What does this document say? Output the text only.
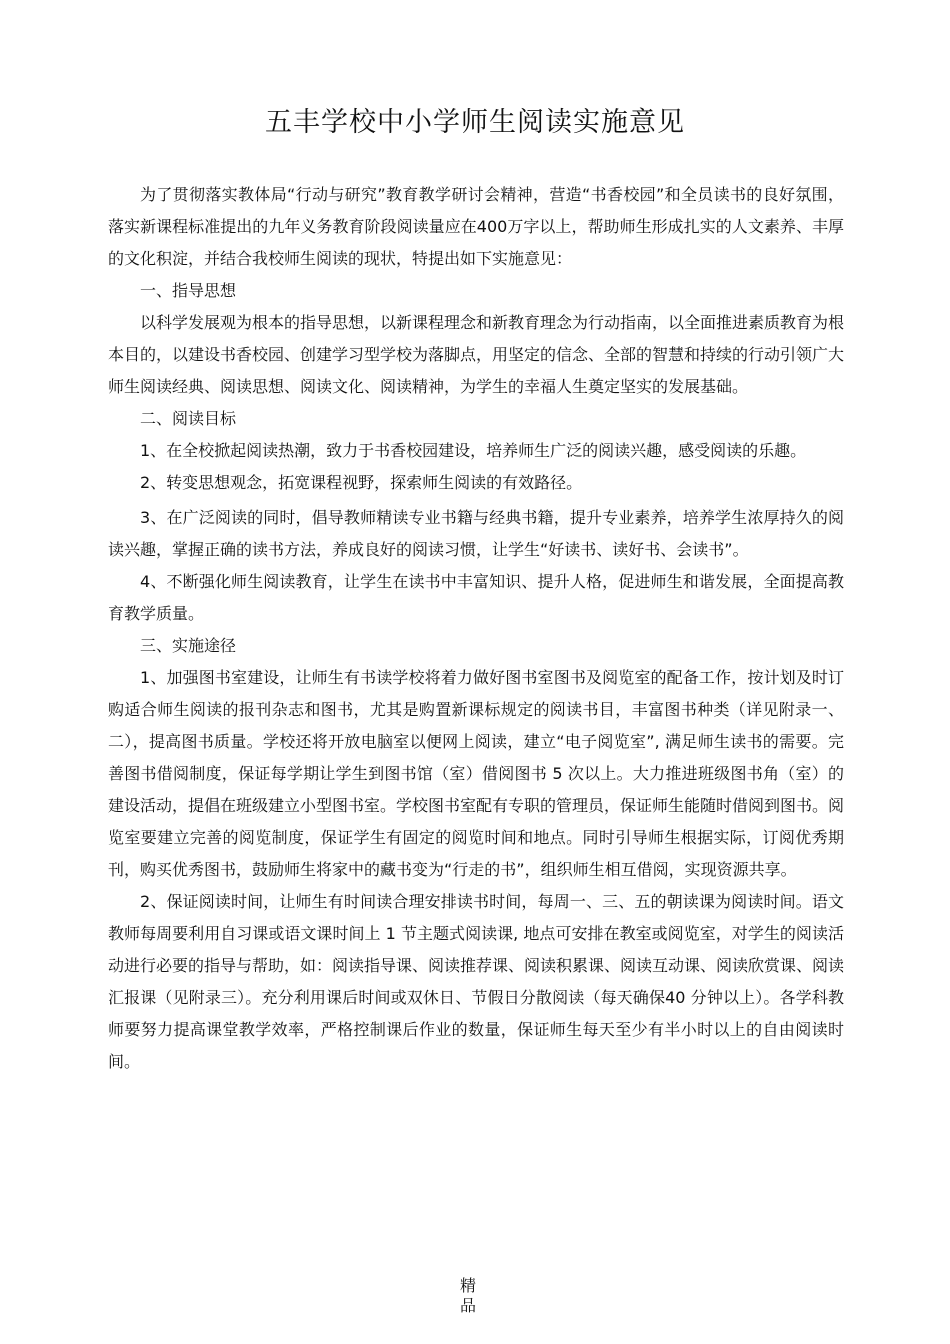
五丰学校中小学师生阅读实施意见

为了贯彻落实教体局“行动与研究”教育教学研讨会精神，营造“书香校园”和全员读书的良好氛围，落实新课程标准提出的九年义务教育阶段阅读量应在400万字以上，帮助师生形成扎实的人文素养、丰厚的文化积淀，并结合我校师生阅读的现状，特提出如下实施意见：

一、指导思想

以科学发展观为根本的指导思想，以新课程理念和新教育理念为行动指南，以全面推进素质教育为根本目的，以建设书香校园、创建学习型学校为落脚点，用坚定的信念、全部的智慧和持续的行动引领广大师生阅读经典、阅读思想、阅读文化、阅读精神，为学生的幸福人生奠定坚实的发展基础。

二、阅读目标

1、在全校掀起阅读热潮，致力于书香校园建设，培养师生广泛的阅读兴趣，感受阅读的乐趣。

2、转变思想观念，拓宽课程视野，探索师生阅读的有效路径。

3、在广泛阅读的同时，倡导教师精读专业书籍与经典书籍，提升专业素养，培养学生浓厚持久的阅读兴趣，掌握正确的读书方法，养成良好的阅读习惯，让学生“好读书、读好书、会读书”。

4、不断强化师生阅读教育，让学生在读书中丰富知识、提升人格，促进师生和谐发展，全面提高教育教学质量。

三、实施途径

1、加强图书室建设，让师生有书读学校将着力做好图书室图书及阅览室的配备工作，按计划及时订购适合师生阅读的报刊杂志和图书，尤其是购置新课标规定的阅读书目，丰富图书种类（详见附录一、二），提高图书质量。学校还将开放电脑室以便网上阅读，建立“电子阅览室”, 满足师生读书的需要。完善图书借阅制度，保证每学期让学生到图书馆（室）借阅图书 5 次以上。大力推进班级图书角（室）的建设活动，提倡在班级建立小型图书室。学校图书室配有专职的管理员，保证师生能随时借阅到图书。阅览室要建立完善的阅览制度，保证学生有固定的阅览时间和地点。同时引导师生根据实际，订阅优秀期刊，购买优秀图书，鼓励师生将家中的藏书变为“行走的书”，组织师生相互借阅，实现资源共享。

2、保证阅读时间，让师生有时间读合理安排读书时间，每周一、三、五的朝读课为阅读时间。语文教师每周要利用自习课或语文课时间上 1 节主题式阅读课, 地点可安排在教室或阅览室，对学生的阅读活动进行必要的指导与帮助，如：阅读指导课、阅读推荐课、阅读积累课、阅读互动课、阅读欣赏课、阅读汇报课（见附录三）。充分利用课后时间或双休日、节假日分散阅读（每天确保40 分钟以上）。各学科教师要努力提高课堂教学效率，严格控制课后作业的数量，保证师生每天至少有半小时以上的自由阅读时间。

精品
